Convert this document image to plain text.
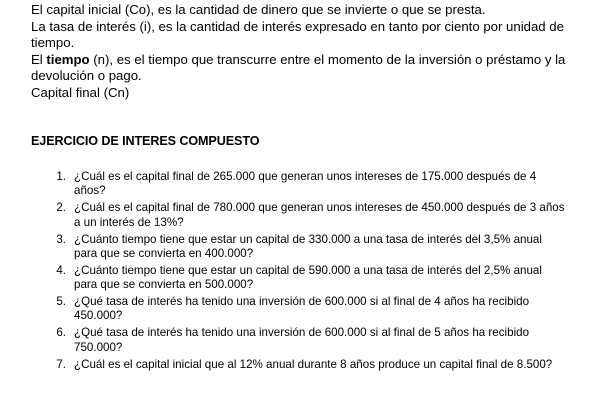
El capital inicial (Co), es la cantidad de dinero que se invierte o que se presta.

La tasa de interés (i), es la cantidad de interés expresado en tanto por ciento por unidad de tiempo.

El tiempo (n), es el tiempo que transcurre entre el momento de la inversión o préstamo y la devolución o pago.

Capital final (Cn)

EJERCICIO DE INTERES COMPUESTO
1. ¿Cuál es el capital final de 265.000 que generan unos intereses de 175.000 después de 4 años?
2. ¿Cuál es el capital final de 780.000 que generan unos intereses de 450.000 después de 3 años a un interés de 13%?
3. ¿Cuánto tiempo tiene que estar un capital de 330.000 a una tasa de interés del 3,5% anual para que se convierta en 400.000?
4. ¿Cuánto tiempo tiene que estar un capital de 590.000 a una tasa de interés del 2,5% anual para que se convierta en 500.000?
5. ¿Qué tasa de interés ha tenido una inversión de 600.000 si al final de 4 años ha recibido 450.000?
6. ¿Qué tasa de interés ha tenido una inversión de 600.000 si al final de 5 años ha recibido 750.000?
7. ¿Cuál es el capital inicial que al 12% anual durante 8 años produce un capital final de 8.500?
